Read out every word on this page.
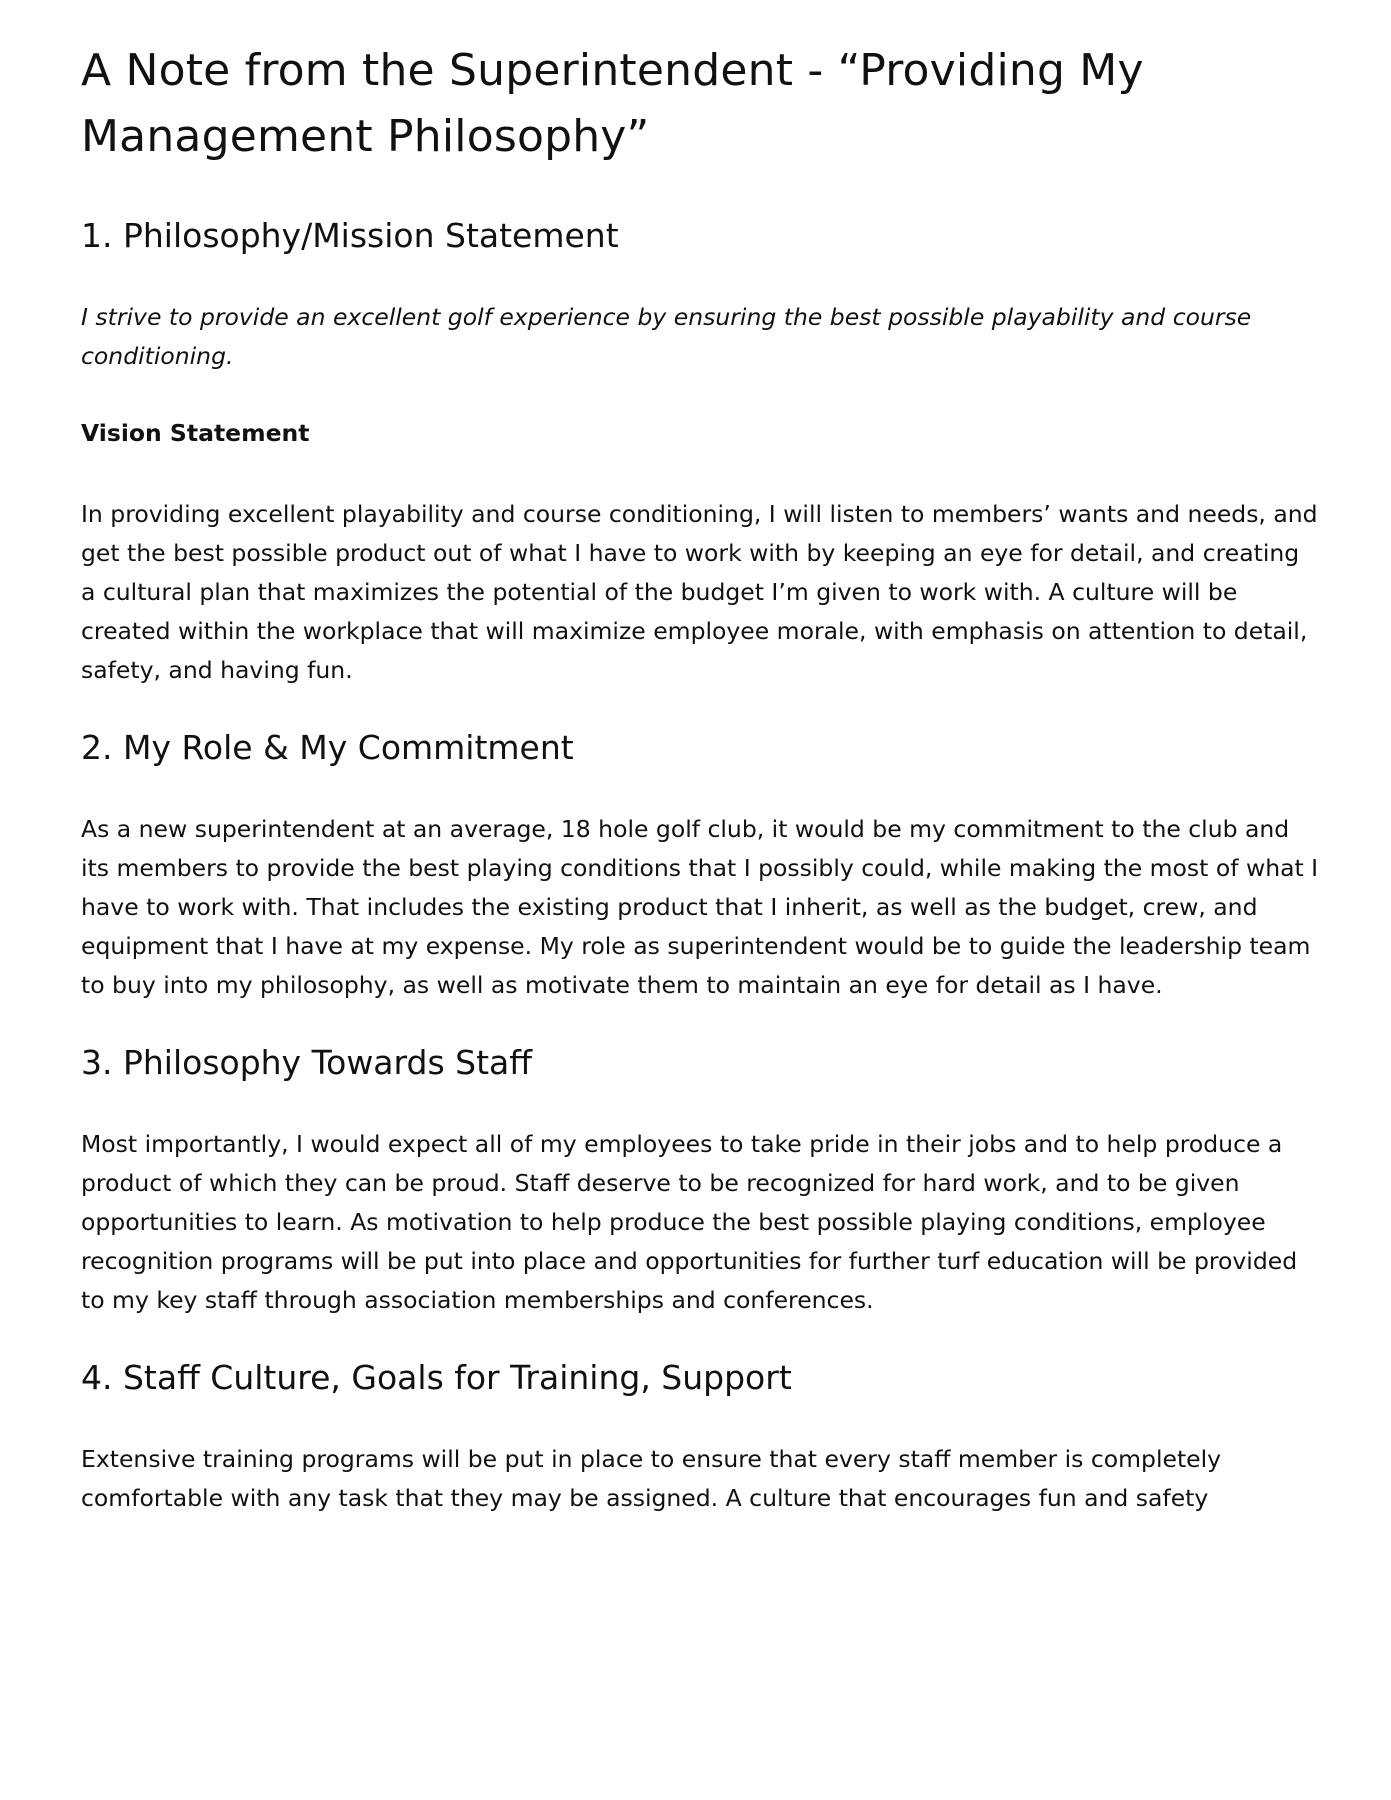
A Note from the Superintendent - “Providing My Management Philosophy”
1. Philosophy/Mission Statement

I strive to provide an excellent golf experience by ensuring the best possible playability and course conditioning.

Vision Statement

In providing excellent playability and course conditioning, I will listen to members’ wants and needs, and get the best possible product out of what I have to work with by keeping an eye for detail, and creating a cultural plan that maximizes the potential of the budget I’m given to work with. A culture will be created within the workplace that will maximize employee morale, with emphasis on attention to detail, safety, and having fun.

2. My Role & My Commitment

As a new superintendent at an average, 18 hole golf club, it would be my commitment to the club and its members to provide the best playing conditions that I possibly could, while making the most of what I have to work with. That includes the existing product that I inherit, as well as the budget, crew, and equipment that I have at my expense. My role as superintendent would be to guide the leadership team to buy into my philosophy, as well as motivate them to maintain an eye for detail as I have.

3. Philosophy Towards Staff

Most importantly, I would expect all of my employees to take pride in their jobs and to help produce a product of which they can be proud. Staff deserve to be recognized for hard work, and to be given opportunities to learn. As motivation to help produce the best possible playing conditions, employee recognition programs will be put into place and opportunities for further turf education will be provided to my key staff through association memberships and conferences.

4. Staff Culture, Goals for Training, Support

Extensive training programs will be put in place to ensure that every staff member is completely comfortable with any task that they may be assigned. A culture that encourages fun and safety
